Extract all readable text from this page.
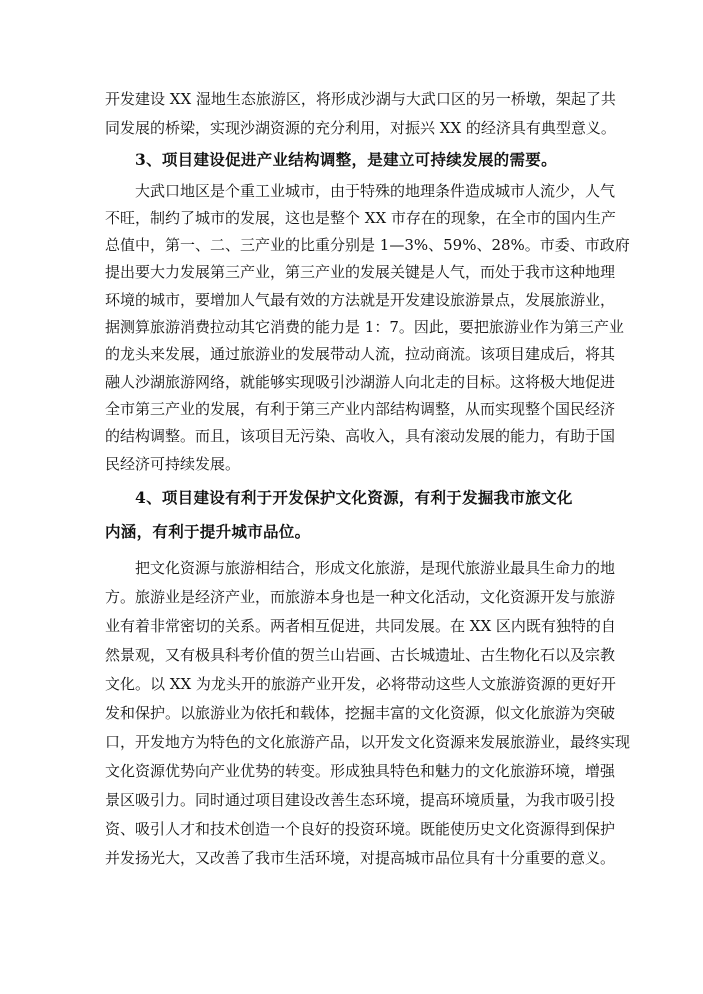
开发建设 XX 湿地生态旅游区，将形成沙湖与大武口区的另一桥墩，架起了共
同发展的桥梁，实现沙湖资源的充分利用，对振兴 XX 的经济具有典型意义。
3、项目建设促进产业结构调整，是建立可持续发展的需要。
大武口地区是个重工业城市，由于特殊的地理条件造成城市人流少，人气
不旺，制约了城市的发展，这也是整个 XX 市存在的现象，在全市的国内生产
总值中，第一、二、三产业的比重分别是 1—3%、59%、28%。市委、市政府
提出要大力发展第三产业，第三产业的发展关键是人气，而处于我市这种地理
环境的城市，要增加人气最有效的方法就是开发建设旅游景点，发展旅游业，
据测算旅游消费拉动其它消费的能力是 1：7。因此，要把旅游业作为第三产业
的龙头来发展，通过旅游业的发展带动人流，拉动商流。该项目建成后，将其
融人沙湖旅游网络，就能够实现吸引沙湖游人向北走的目标。这将极大地促进
全市第三产业的发展，有利于第三产业内部结构调整，从而实现整个国民经济
的结构调整。而且，该项目无污染、高收入，具有滚动发展的能力，有助于国
民经济可持续发展。
4、项目建设有利于开发保护文化资源，有利于发掘我市旅文化
内涵，有利于提升城市品位。
把文化资源与旅游相结合，形成文化旅游，是现代旅游业最具生命力的地
方。旅游业是经济产业，而旅游本身也是一种文化活动，文化资源开发与旅游
业有着非常密切的关系。两者相互促进，共同发展。在 XX 区内既有独特的自
然景观，又有极具科考价值的贺兰山岩画、古长城遗址、古生物化石以及宗教
文化。以 XX 为龙头开的旅游产业开发，必将带动这些人文旅游资源的更好开
发和保护。以旅游业为依托和载体，挖掘丰富的文化资源，似文化旅游为突破
口，开发地方为特色的文化旅游产品，以开发文化资源来发展旅游业，最终实现
文化资源优势向产业优势的转变。形成独具特色和魅力的文化旅游环境，增强
景区吸引力。同时通过项目建设改善生态环境，提高环境质量，为我市吸引投
资、吸引人才和技术创造一个良好的投资环境。既能使历史文化资源得到保护
并发扬光大，又改善了我市生活环境，对提高城市品位具有十分重要的意义。
